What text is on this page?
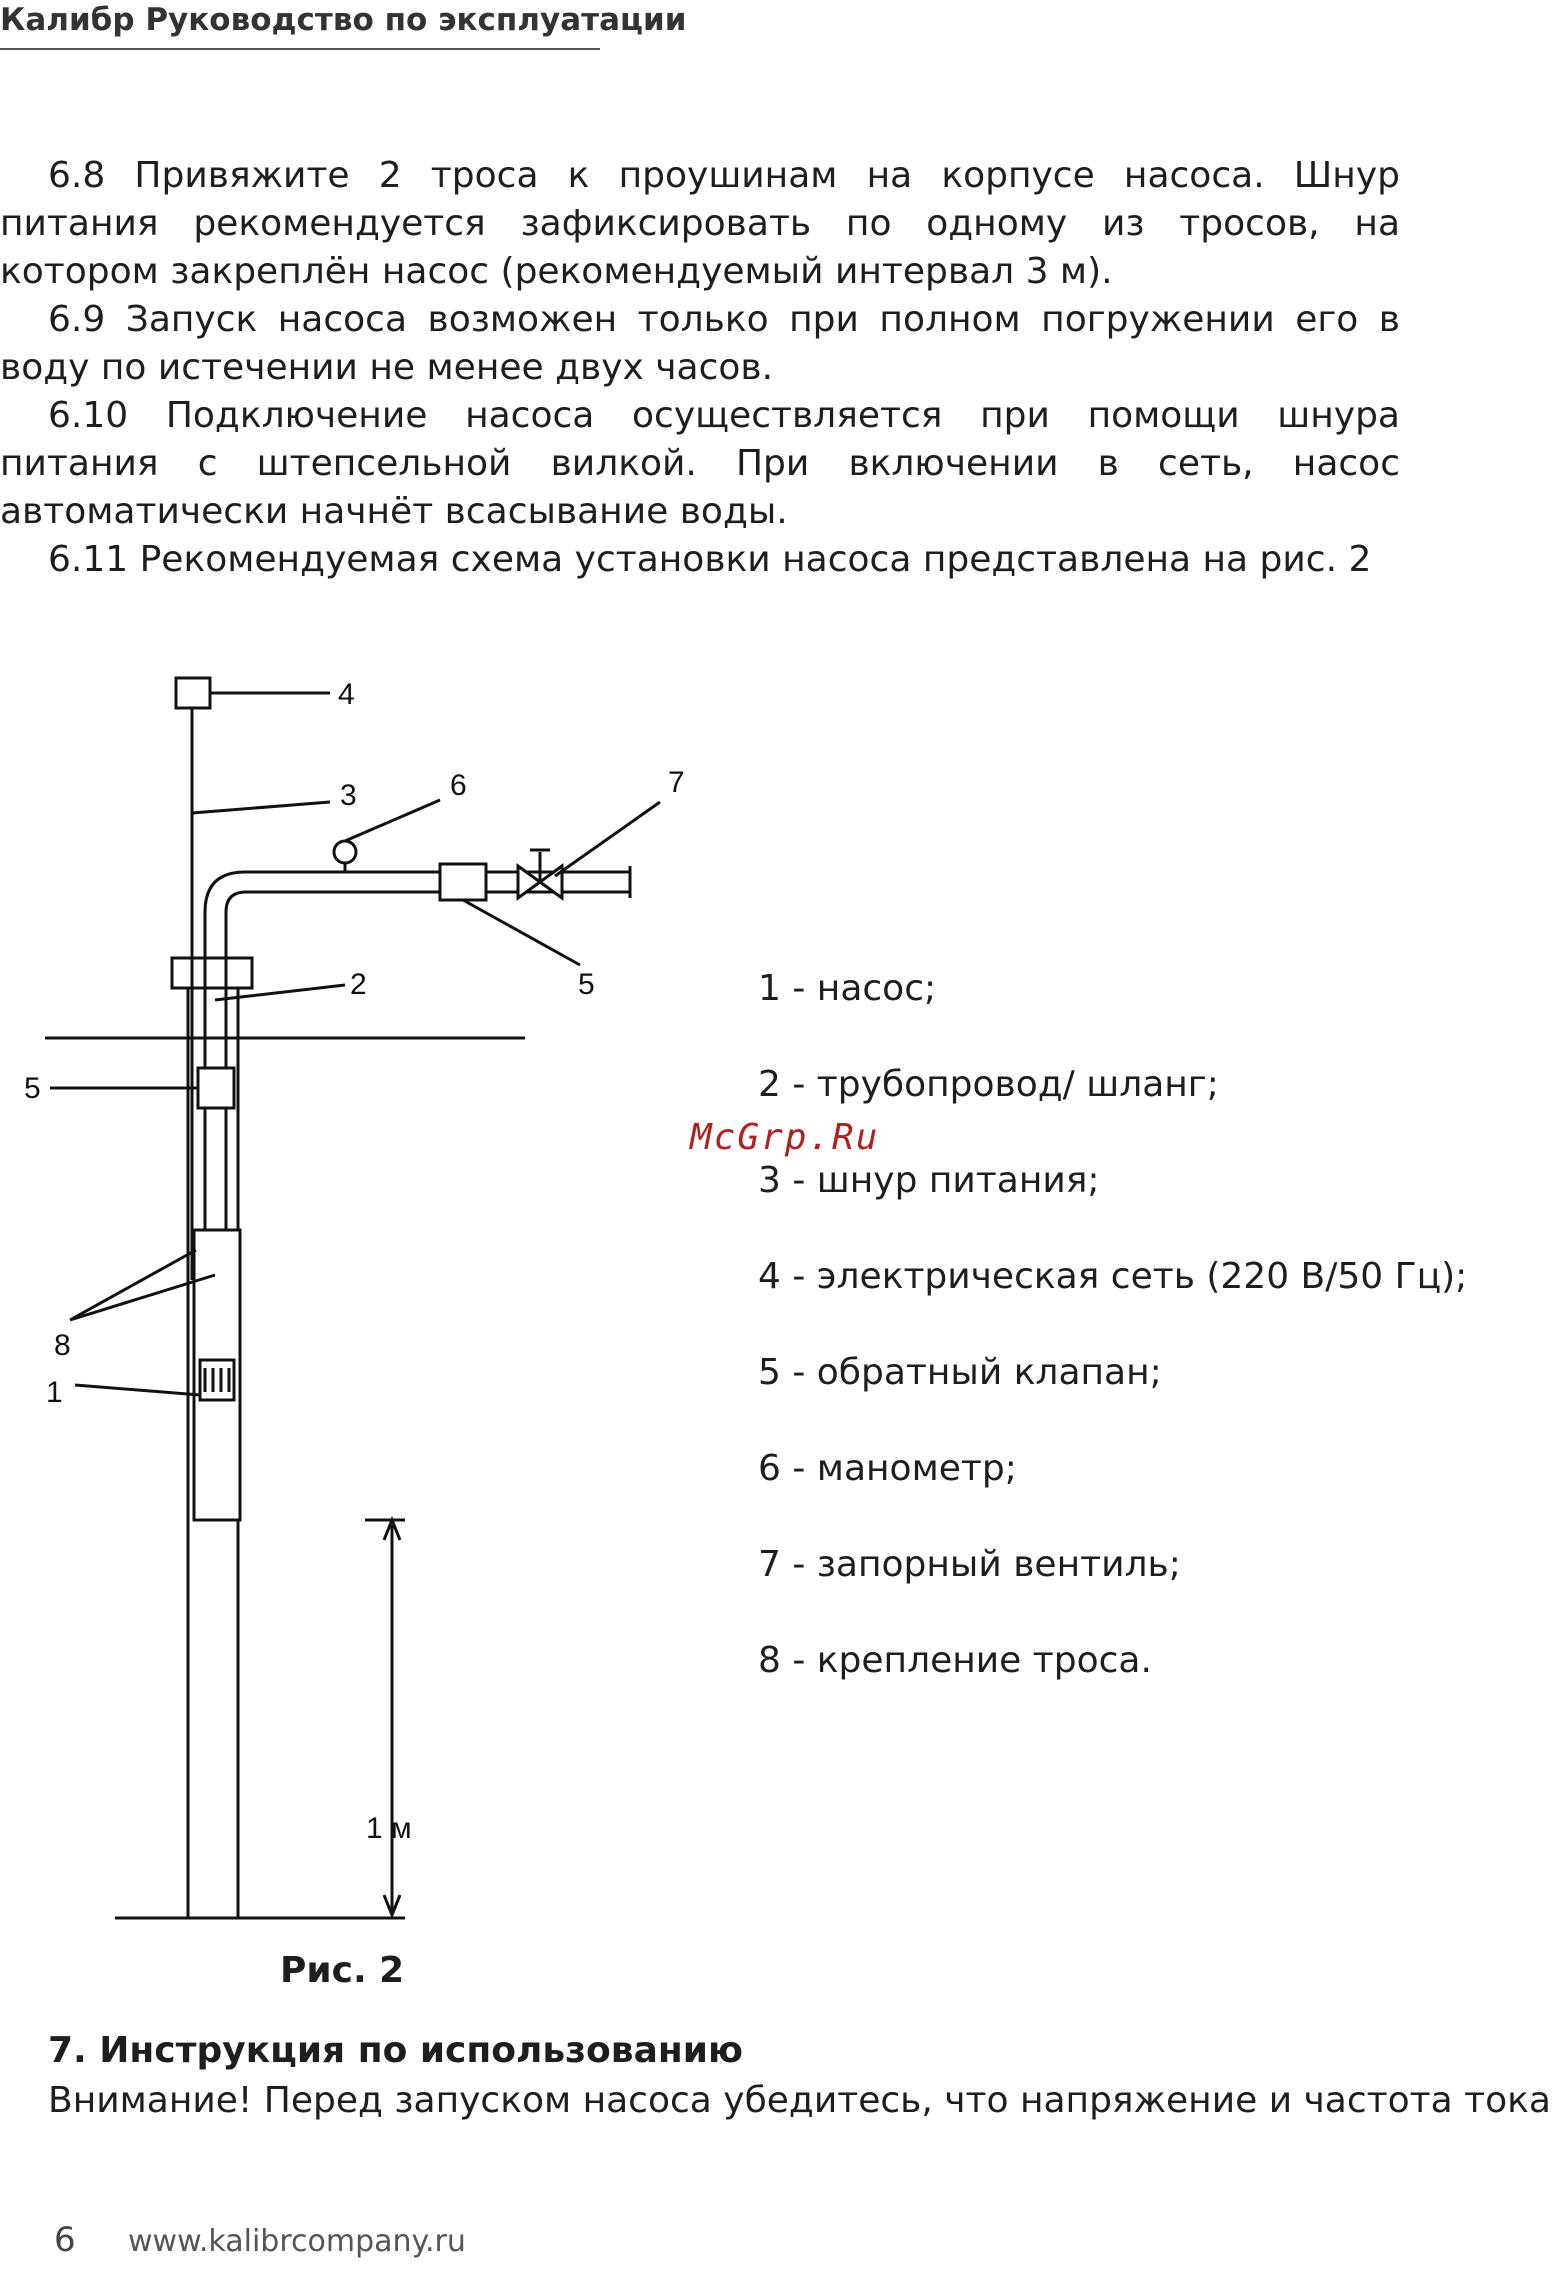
Калибр Руководство по эксплуатации

6.8 Привяжите 2 троса к проушинам на корпусе насоса. Шнур питания рекомендуется зафиксировать по одному из тросов, на котором закреплён насос (рекомендуемый интервал 3 м).

6.9 Запуск насоса возможен только при полном погружении его в воду по истечении не менее двух часов.

6.10 Подключение насоса осуществляется при помощи шнура питания с штепсельной вилкой. При включении в сеть, насос автоматически начнёт всасывание воды.

6.11 Рекомендуемая схема установки насоса представлена на рис. 2

4
3	6	7
5
2
5
8
1
1 м
Рис. 2
1 - насос;
2 - трубопровод/ шланг;
3 - шнур питания;
4 - электрическая сеть (220 В/50 Гц);
5 - обратный клапан;
6 - манометр;
7 - запорный вентиль;
8 - крепление троса.
McGrp.Ru
7. Инструкция по использованию
Внимание! Перед запуском насоса убедитесь, что напряжение и частота тока
6 www.kalibrcompany.ru
